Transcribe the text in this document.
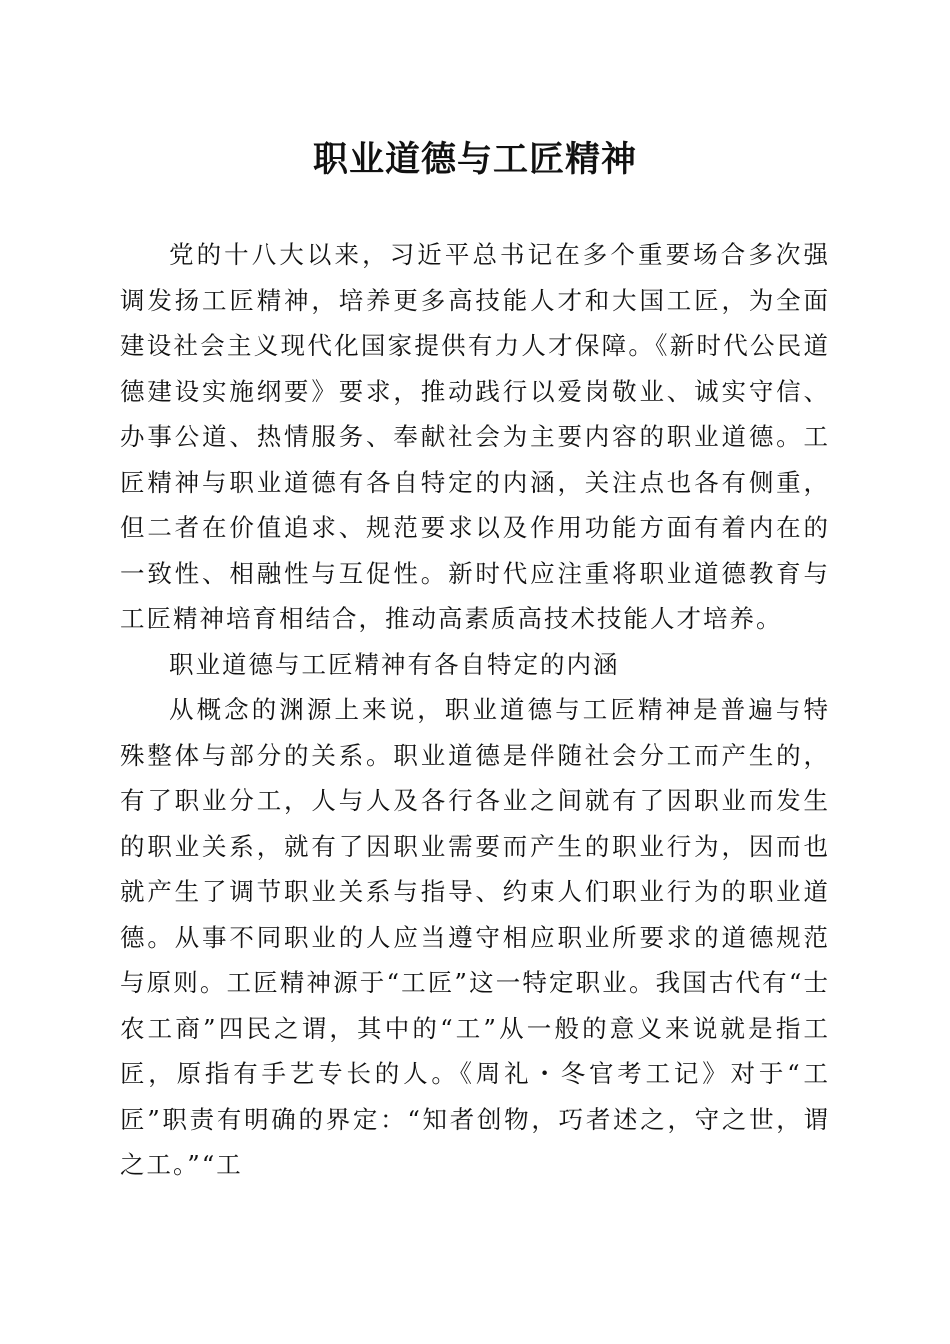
职业道德与工匠精神

党的十八大以来，习近平总书记在多个重要场合多次强调发扬工匠精神，培养更多高技能人才和大国工匠，为全面建设社会主义现代化国家提供有力人才保障。《新时代公民道德建设实施纲要》要求，推动践行以爱岗敬业、诚实守信、办事公道、热情服务、奉献社会为主要内容的职业道德。工匠精神与职业道德有各自特定的内涵，关注点也各有侧重，但二者在价值追求、规范要求以及作用功能方面有着内在的一致性、相融性与互促性。新时代应注重将职业道德教育与工匠精神培育相结合，推动高素质高技术技能人才培养。

职业道德与工匠精神有各自特定的内涵

从概念的渊源上来说，职业道德与工匠精神是普遍与特殊整体与部分的关系。职业道德是伴随社会分工而产生的，有了职业分工，人与人及各行各业之间就有了因职业而发生的职业关系，就有了因职业需要而产生的职业行为，因而也就产生了调节职业关系与指导、约束人们职业行为的职业道德。从事不同职业的人应当遵守相应职业所要求的道德规范与原则。工匠精神源于“工匠”这一特定职业。我国古代有“士农工商”四民之谓，其中的“工”从一般的意义来说就是指工匠，原指有手艺专长的人。《周礼・冬官考工记》对于“工匠”职责有明确的界定：“知者创物，巧者述之，守之世，谓之工。”“工
